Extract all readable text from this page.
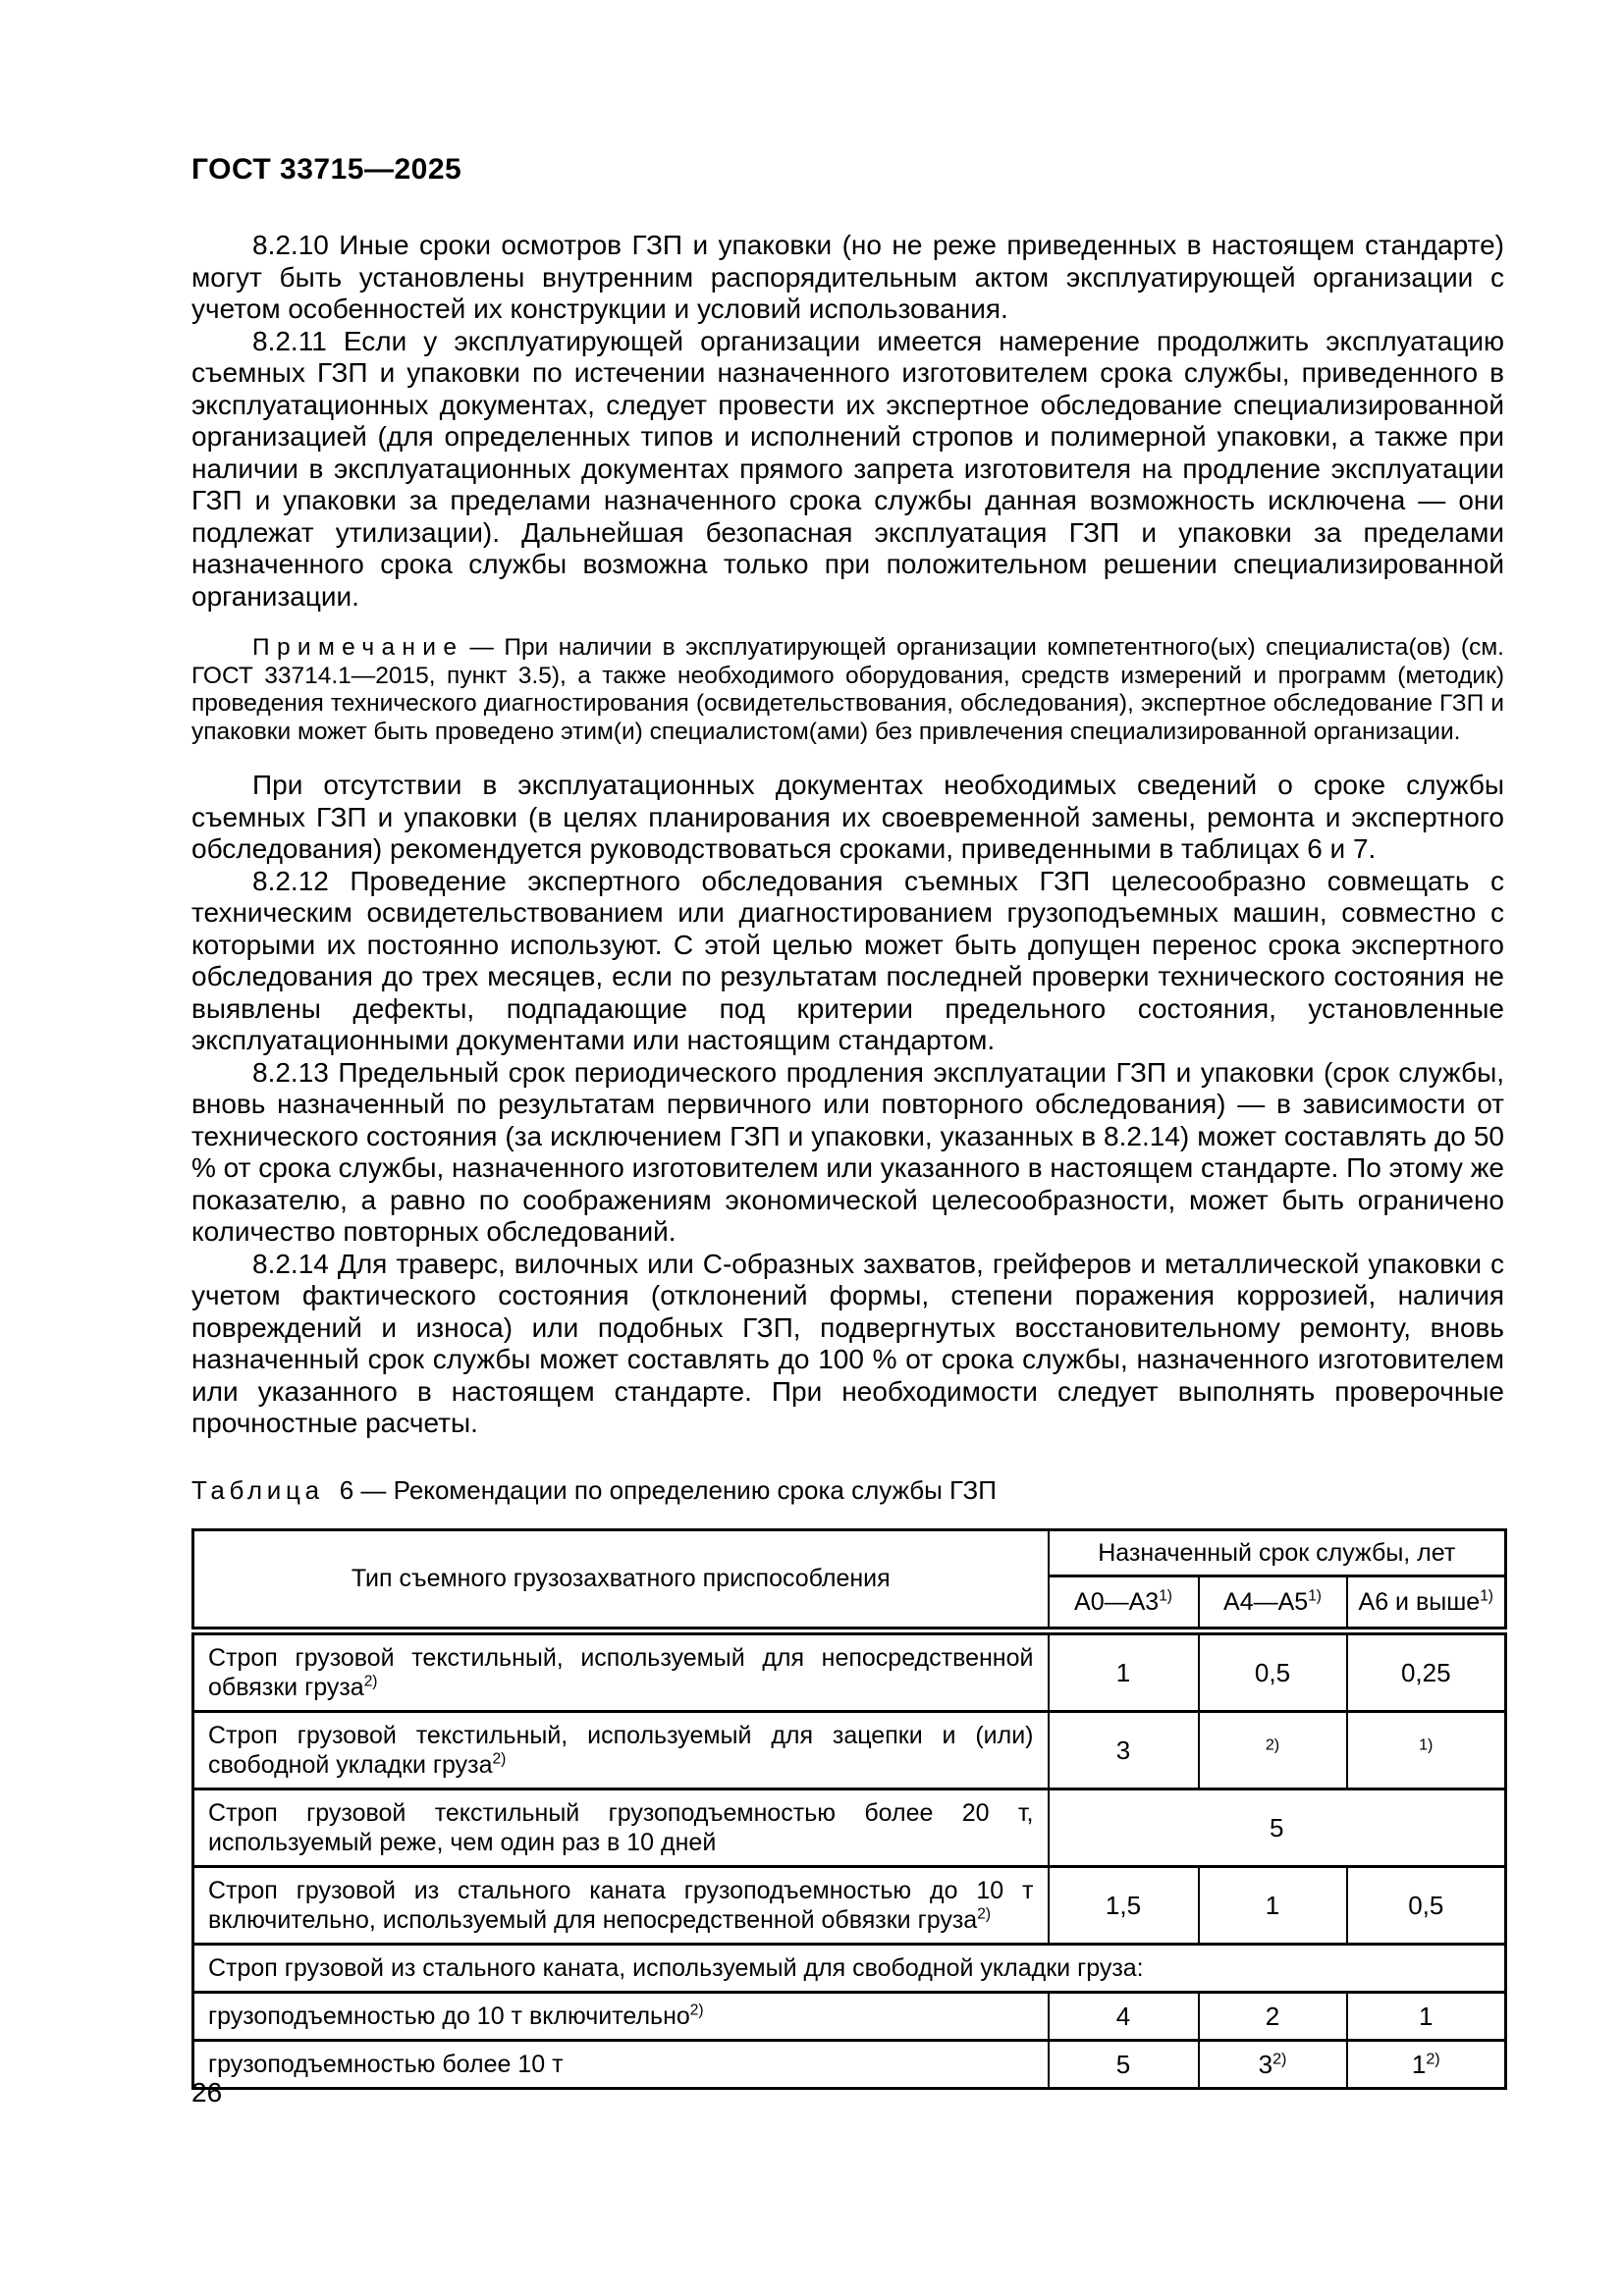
ГОСТ 33715—2025

8.2.10 Иные сроки осмотров ГЗП и упаковки (но не реже приведенных в настоящем стандарте) могут быть установлены внутренним распорядительным актом эксплуатирующей организации с учетом особенностей их конструкции и условий использования.

8.2.11 Если у эксплуатирующей организации имеется намерение продолжить эксплуатацию съемных ГЗП и упаковки по истечении назначенного изготовителем срока службы, приведенного в эксплуатационных документах, следует провести их экспертное обследование специализированной организацией (для определенных типов и исполнений стропов и полимерной упаковки, а также при наличии в эксплуатационных документах прямого запрета изготовителя на продление эксплуатации ГЗП и упаковки за пределами назначенного срока службы данная возможность исключена — они подлежат утилизации). Дальнейшая безопасная эксплуатация ГЗП и упаковки за пределами назначенного срока службы возможна только при положительном решении специализированной организации.

Примечание — При наличии в эксплуатирующей организации компетентного(ых) специалиста(ов) (см. ГОСТ 33714.1—2015, пункт 3.5), а также необходимого оборудования, средств измерений и программ (методик) проведения технического диагностирования (освидетельствования, обследования), экспертное обследование ГЗП и упаковки может быть проведено этим(и) специалистом(ами) без привлечения специализированной организации.

При отсутствии в эксплуатационных документах необходимых сведений о сроке службы съемных ГЗП и упаковки (в целях планирования их своевременной замены, ремонта и экспертного обследования) рекомендуется руководствоваться сроками, приведенными в таблицах 6 и 7.

8.2.12 Проведение экспертного обследования съемных ГЗП целесообразно совмещать с техническим освидетельствованием или диагностированием грузоподъемных машин, совместно с которыми их постоянно используют. С этой целью может быть допущен перенос срока экспертного обследования до трех месяцев, если по результатам последней проверки технического состояния не выявлены дефекты, подпадающие под критерии предельного состояния, установленные эксплуатационными документами или настоящим стандартом.

8.2.13 Предельный срок периодического продления эксплуатации ГЗП и упаковки (срок службы, вновь назначенный по результатам первичного или повторного обследования) — в зависимости от технического состояния (за исключением ГЗП и упаковки, указанных в 8.2.14) может составлять до 50 % от срока службы, назначенного изготовителем или указанного в настоящем стандарте. По этому же показателю, а равно по соображениям экономической целесообразности, может быть ограничено количество повторных обследований.

8.2.14 Для траверс, вилочных или С-образных захватов, грейферов и металлической упаковки с учетом фактического состояния (отклонений формы, степени поражения коррозией, наличия повреждений и износа) или подобных ГЗП, подвергнутых восстановительному ремонту, вновь назначенный срок службы может составлять до 100 % от срока службы, назначенного изготовителем или указанного в настоящем стандарте. При необходимости следует выполнять проверочные прочностные расчеты.

Таблица 6 — Рекомендации по определению срока службы ГЗП

Тип съемного грузозахватного приспособления	Назначенный срок службы, лет		
	А0—А3$^{1)}$	А4—А5$^{1)}$	А6 и выше$^{1)}$
Строп грузовой текстильный, используемый для непосредственной обвязки груза$^{2)}$	1	0,5	0,25
Строп грузовой текстильный, используемый для зацепки и (или) свободной укладки груза$^{2)}$	3	$^{2)}$	$^{1)}$
Строп грузовой текстильный грузоподъемностью более 20 т, используемый реже, чем один раз в 10 дней	5		
Строп грузовой из стального каната грузоподъемностью до 10 т включительно, используемый для непосредственной обвязки груза$^{2)}$	1,5	1	0,5
Строп грузовой из стального каната, используемый для свободной укладки груза:			
грузоподъемностью до 10 т включительно$^{2)}$	4	2	1
грузоподъемностью более 10 т	5	3$^{2)}$	1$^{2)}$
26
